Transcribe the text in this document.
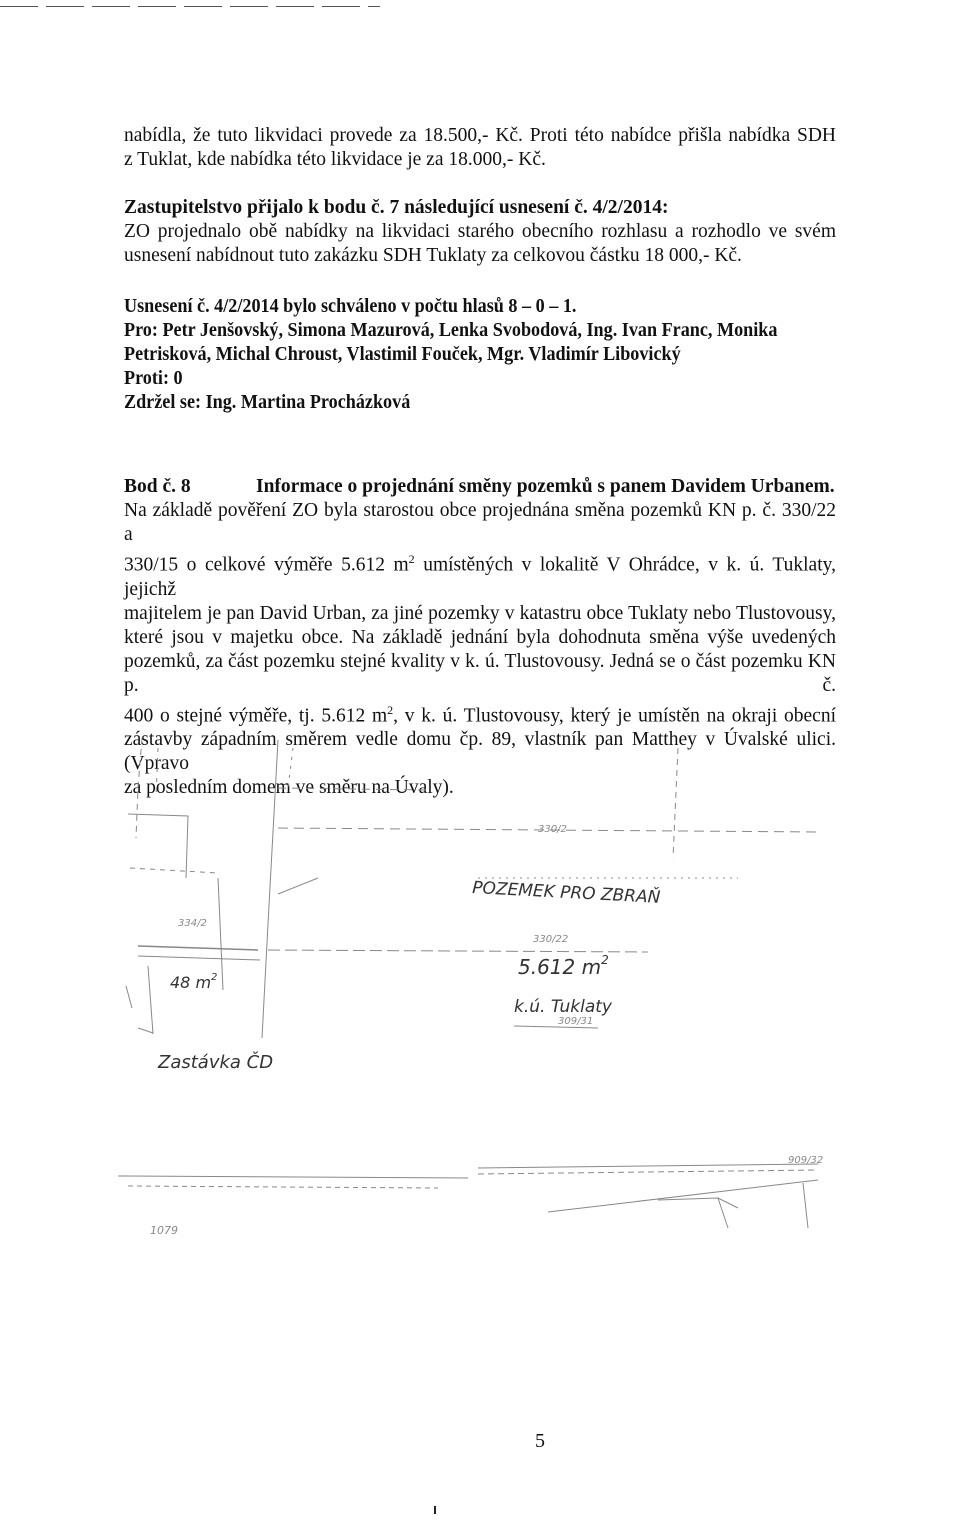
nabídla, že tuto likvidaci provede za 18.500,- Kč. Proti této nabídce přišla nabídka SDH

z Tuklat, kde nabídka této likvidace je za 18.000,- Kč.

Zastupitelstvo přijalo k bodu č. 7 následující usnesení č. 4/2/2014:

ZO projednalo obě nabídky na likvidaci starého obecního rozhlasu a rozhodlo ve svém

usnesení nabídnout tuto zakázku SDH Tuklaty za celkovou částku 18 000,- Kč.

Usnesení č. 4/2/2014 bylo schváleno v počtu hlasů 8 – 0 – 1.

Pro: Petr Jenšovský, Simona Mazurová, Lenka Svobodová, Ing. Ivan Franc, Monika

Petrisková, Michal Chroust, Vlastimil Fouček, Mgr. Vladimír Libovický

Proti: 0

Zdržel se: Ing. Martina Procházková

Bod č. 8	Informace o projednání směny pozemků s panem Davidem Urbanem.

Na základě pověření ZO byla starostou obce projednána směna pozemků KN p. č. 330/22 a

330/15 o celkové výměře 5.612 $m^2$ umístěných v lokalitě V Ohrádce, v k. ú. Tuklaty, jejichž

majitelem je pan David Urban, za jiné pozemky v katastru obce Tuklaty nebo Tlustovousy,

které jsou v majetku obce. Na základě jednání byla dohodnuta směna výše uvedených

pozemků, za část pozemku stejné kvality v k. ú. Tlustovousy. Jedná se o část pozemku KN p. č.

400 o stejné výměře, tj. 5.612 $m^2$, v k. ú. Tlustovousy, který je umístěn na okraji obecní

zástavby západním směrem vedle domu čp. 89, vlastník pan Matthey v Úvalské ulici. (Vpravo

za posledním domem ve směru na Úvaly).

334/2
330/2
330/22
309/31
1079
909/32
POZEMEK PRO ZBRAŇ
5.612 $m^2$
k.ú. Tuklaty
48 $m^2$
Zastávka ČD
5
